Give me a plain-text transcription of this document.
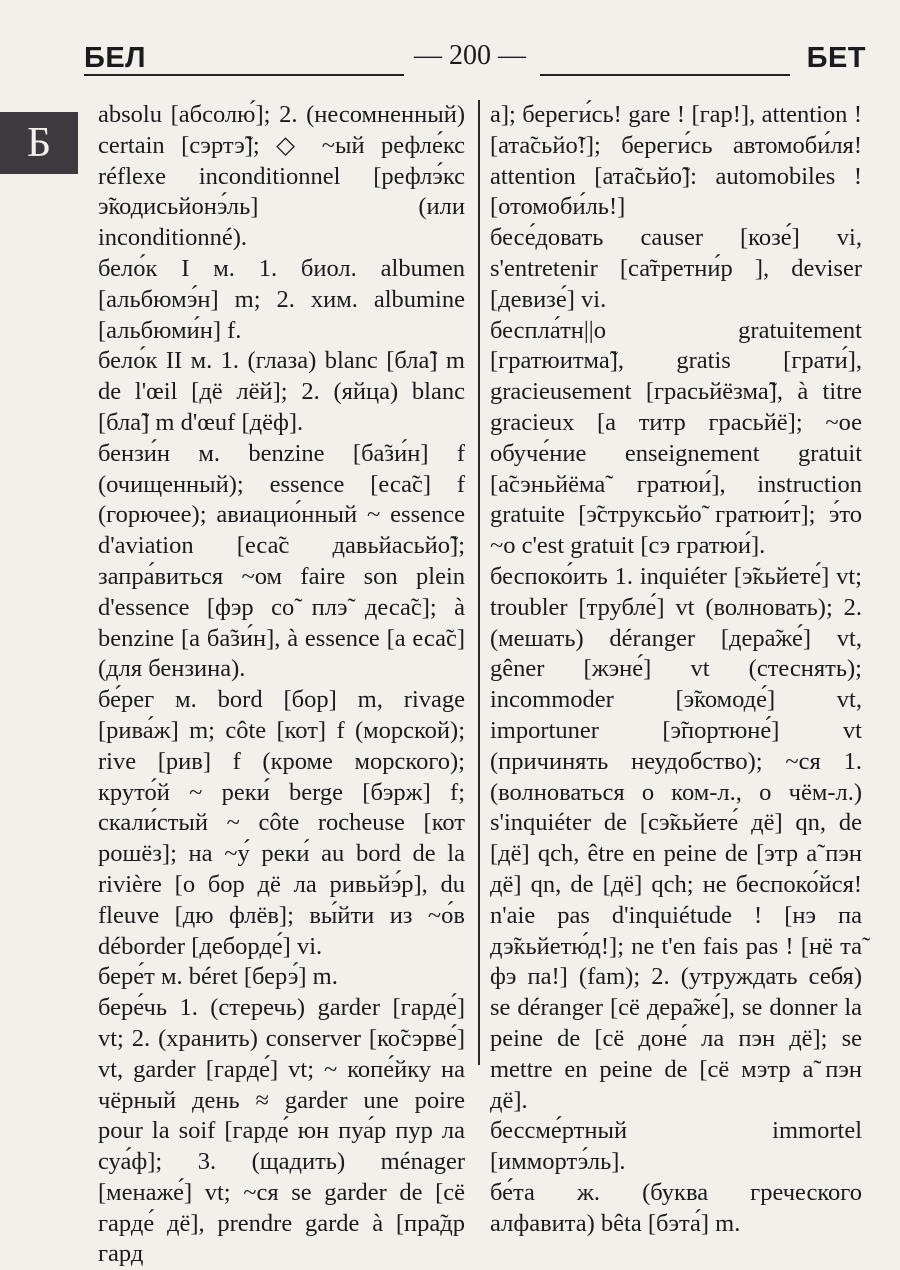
БЕЛ	— 200 —	БЕТ
Б

absolu [абсолю́]; 2. (несомненный) certain [сэртэ̃]; ◇ ~ый рефле́кс réflexe inconditionnel [рефлэ́кс э̃кодисьйонэ́ль] (или inconditionné).

бело́к I м. 1. биол. albumen [альбюмэ́н] m; 2. хим. albumine [альбюми́н] f.

бело́к II м. 1. (глаза) blanc [бла̃] m de l'œil [дё лёй]; 2. (яйца) blanc [бла̃] m d'œuf [дёф].

бензи́н м. benzine [ба̃зи́н] f (очищенный); essence [еса̃с] f (горючее); авиацио́нный ~ essence d'aviation [еса̃с давьйасьйо̃]; запра́виться ~ом faire son plein d'essence [фэр со̃ плэ̃ деса̃с]; à benzine [а ба̃зи́н], à essence [а еса̃с] (для бензина).

бе́рег м. bord [бор] m, rivage [рива́ж] m; côte [кот] f (морской); rive [рив] f (кроме морского); круто́й ~ реки́ berge [бэрж] f; скали́стый ~ côte rocheuse [кот рошёз]; на ~у́ реки́ au bord de la rivière [о бор дё ла ривьйэ́р], du fleuve [дю флёв]; вы́йти из ~о́в déborder [деборде́] vi.

бере́т м. béret [берэ́] m.

бере́чь 1. (стеречь) garder [гарде́] vt; 2. (хранить) conserver [ко̃сэрве́] vt, garder [гарде́] vt; ~ копе́йку на чёрный день ≈ garder une poire pour la soif [гарде́ юн пуа́р пур ла суа́ф]; 3. (щадить) ménager [менаже́] vt; ~ся se garder de [сё гарде́ дё], prendre garde à [пра̃др гард

а]; береги́сь! gare ! [гар!], attention ! [ата̃сьйо̃!]; береги́сь автомоби́ля! attention [ата̃сьйо̃]: automobiles ! [отомоби́ль!]

бесе́довать causer [козе́] vi, s'entretenir [са̃третни́р ], deviser [девизе́] vi.

беспла́тн||о gratuitement [гратюитма̃], gratis [грати́], gracieusement [грасьйёзма̃], à titre gracieux [а титр грасьйё]; ~ое обуче́ние enseignement gratuit [а̃сэньйёма̃ гратюи́], instruction gratuite [э̃струксьйо̃ гратюи́т]; э́то ~о c'est gratuit [сэ гратюи́].

беспоко́ить 1. inquiéter [э̃кьйете́] vt; troubler [трубле́] vt (волновать); 2. (мешать) déranger [дера̃же́] vt, gêner [жэне́] vt (стеснять); incommoder [э̃комоде́] vt, importuner [э̃портюне́] vt (причинять неудобство); ~ся 1. (волноваться о ком-л., о чём-л.) s'inquiéter de [сэ̃кьйете́ дё] qn, de [дё] qch, être en peine de [этр а̃ пэн дё] qn, de [дё] qch; не беспоко́йся! n'aie pas d'inquiétude ! [нэ па дэ̃кьйетю́д!]; ne t'en fais pas ! [нё та̃ фэ па!] (fam); 2. (утруждать себя) se déranger [сё дера̃же́], se donner la peine de [сё доне́ ла пэн дё]; se mettre en peine de [сё мэтр а̃ пэн дё].

бессме́ртный immortel [иммортэ́ль].

бе́та ж. (буква греческого алфавита) bêta [бэта́] m.
